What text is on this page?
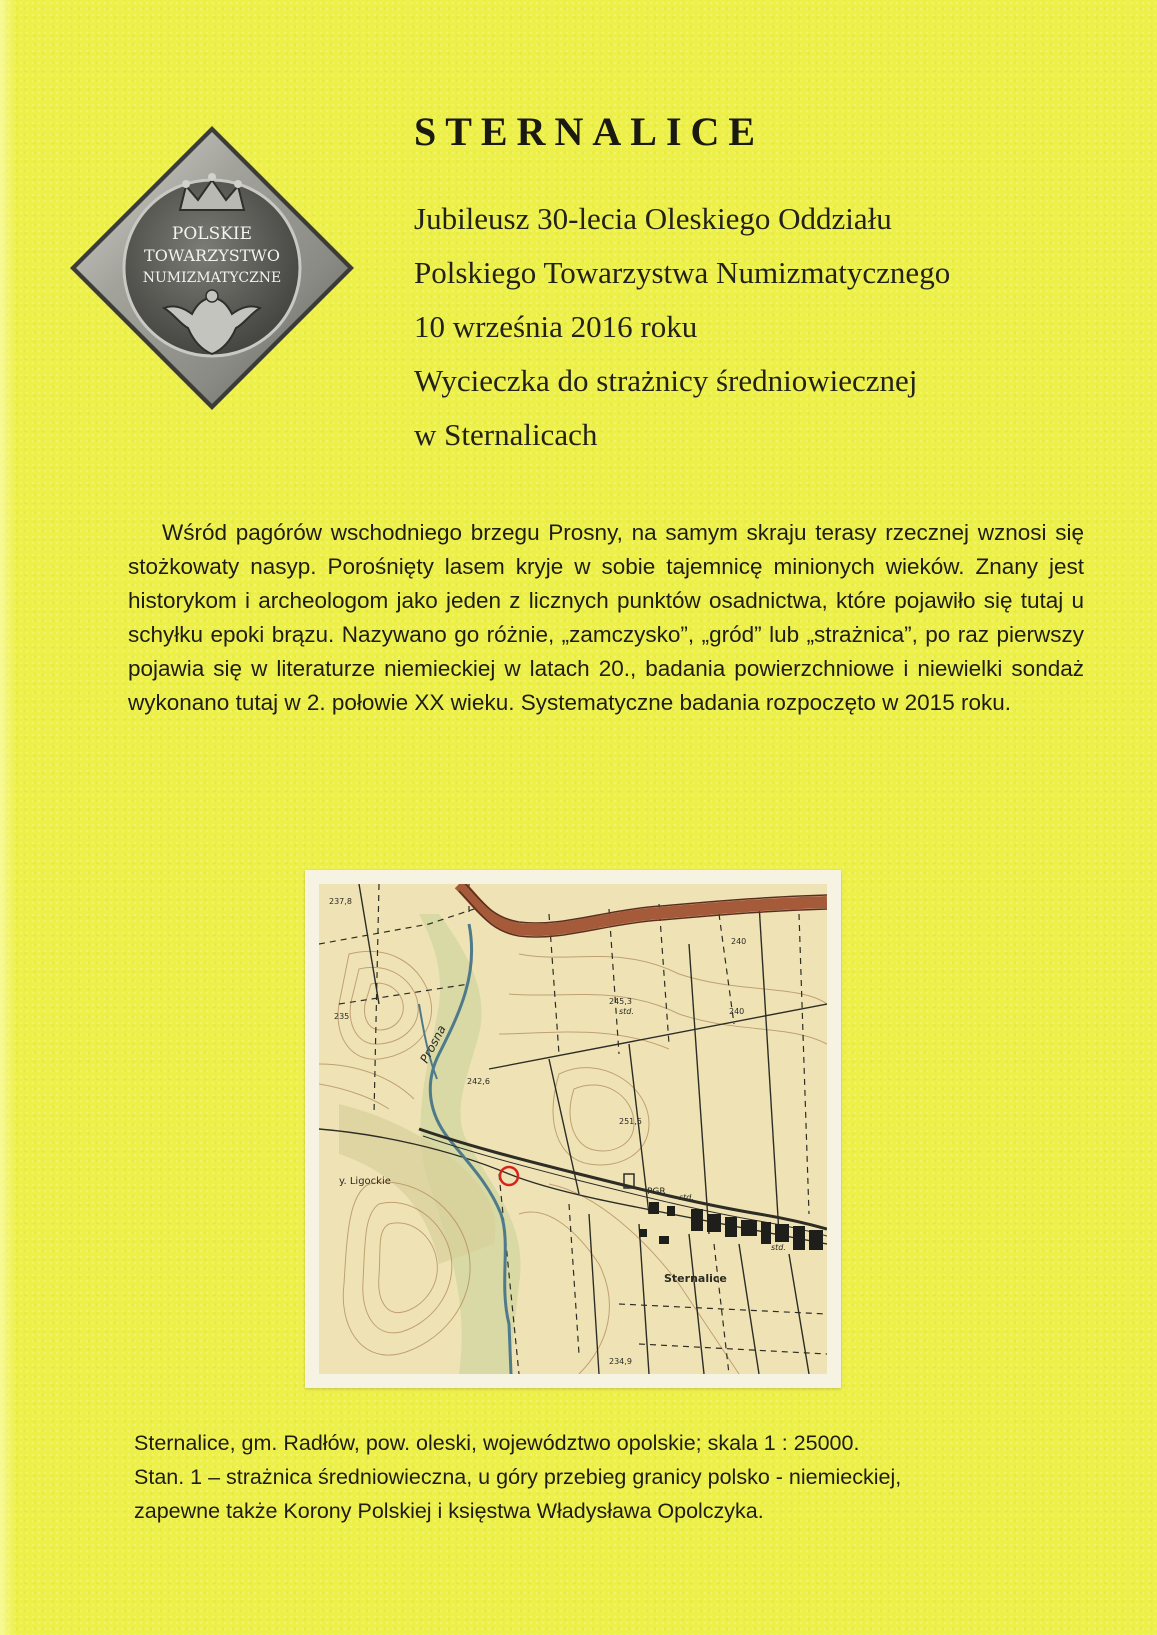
POLSKIE
TOWARZYSTWO
NUMIZMATYCZNE
STERNALICE
Jubileusz 30-lecia Oleskiego Oddziału
Polskiego Towarzystwa Numizmatycznego
10 września 2016 roku
Wycieczka do strażnicy średniowiecznej
w Sternalicach

Wśród pagórów wschodniego brzegu Prosny, na samym skraju terasy rzecznej wznosi się stożkowaty nasyp. Porośnięty lasem kryje w sobie tajemnicę minionych wieków. Znany jest historykom i archeologom jako jeden z licznych punktów osadnictwa, które pojawiło się tutaj u schyłku epoki brązu. Nazywano go różnie, „zamczysko”, „gród” lub „strażnica”, po raz pierwszy pojawia się w literaturze niemieckiej w latach 20., badania powierzchniowe i niewielki sondaż wykonano tutaj w 2. połowie XX wieku. Systematyczne badania rozpoczęto w 2015 roku.

Prosna
y. Ligockie
Sternalice
PGR
std.
std.
std.
237,8
235
245,3
240
242,6
251,5
234,9
240
Sternalice, gm. Radłów, pow. oleski, województwo opolskie; skala 1 : 25000.
Stan. 1 – strażnica średniowieczna, u góry przebieg granicy polsko - niemieckiej,
zapewne także Korony Polskiej i księstwa Władysława Opolczyka.
